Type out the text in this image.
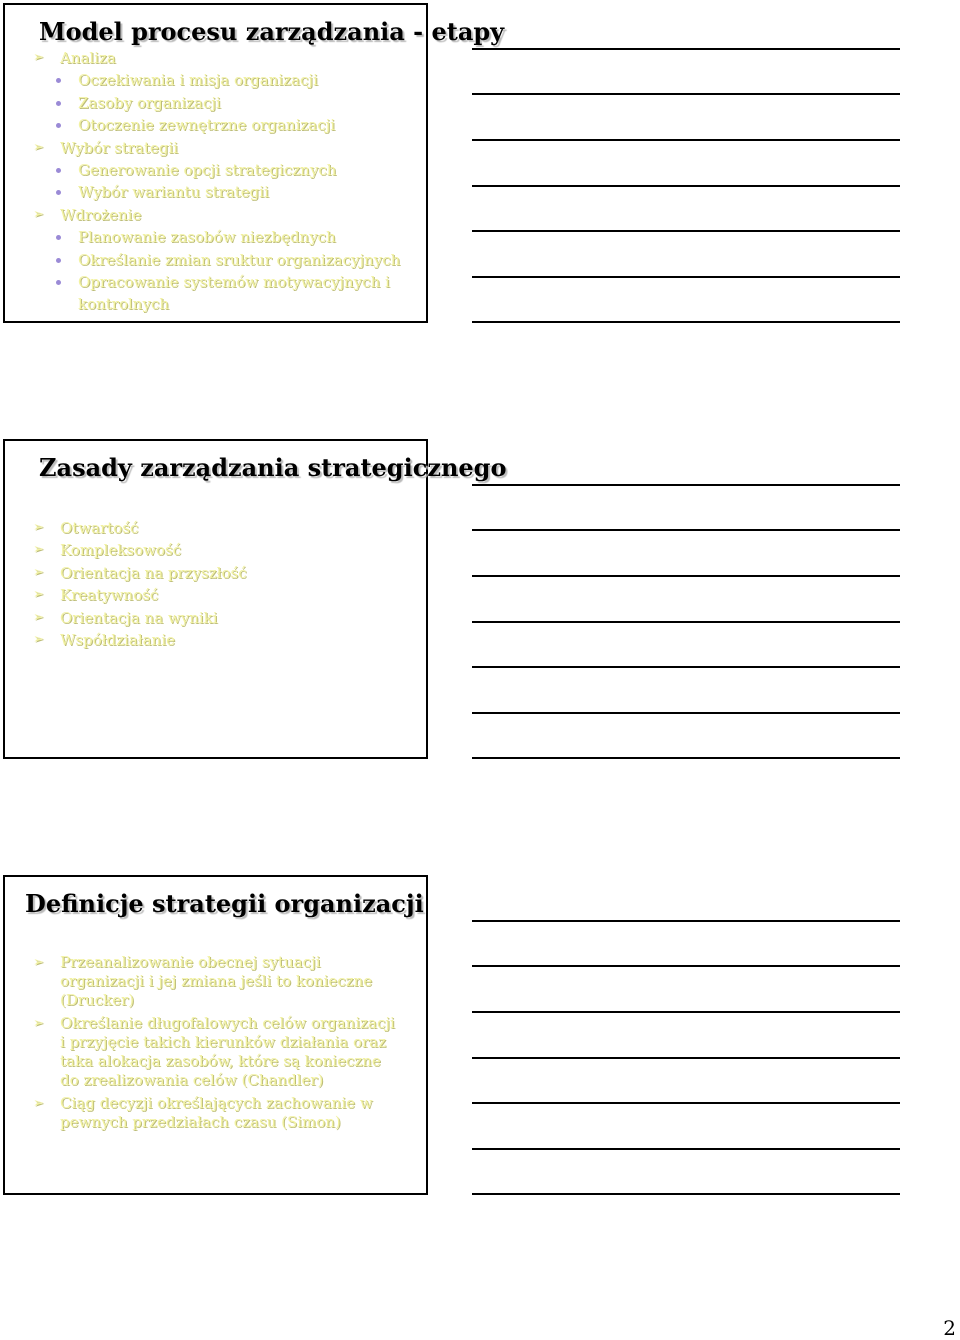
Model procesu zarządzania - etapy
➢ Analiza
Oczekiwania i misja organizacji
Zasoby organizacji
Otoczenie zewnętrzne organizacji
➢ Wybór strategii
Generowanie opcji strategicznych
Wybór wariantu strategii
➢ Wdrożenie
Planowanie zasobów niezbędnych
Określanie zmian sruktur organizacyjnych
Opracowanie systemów motywacyjnych i kontrolnych
Zasady zarządzania strategicznego
➢ Otwartość
➢ Kompleksowość
➢ Orientacja na przyszłość
➢ Kreatywność
➢ Orientacja na wyniki
➢ Współdziałanie
Definicje strategii organizacji
➢ Przeanalizowanie obecnej sytuacji organizacji i jej zmiana jeśli to konieczne (Drucker)
➢ Określanie długofalowych celów organizacji i przyjęcie takich kierunków działania oraz taka alokacja zasobów, które są konieczne do zrealizowania celów (Chandler)
➢ Ciąg decyzji określających zachowanie w pewnych przedziałach czasu (Simon)
2
